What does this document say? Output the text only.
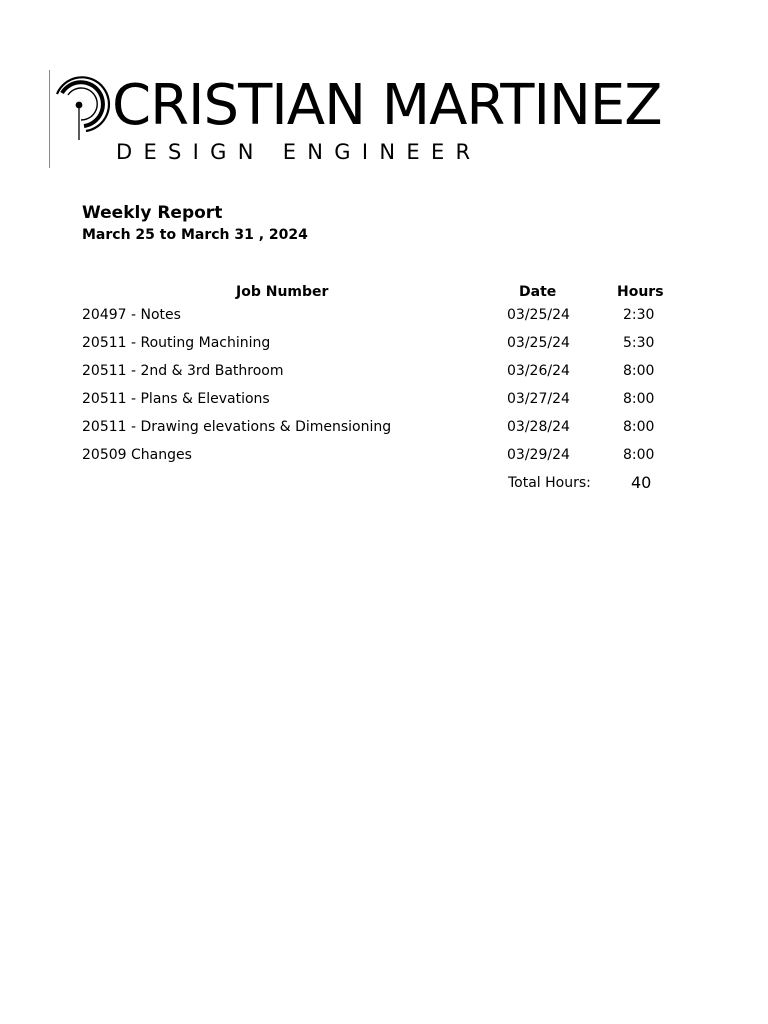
CRISTIAN MARTINEZ
DESIGN ENGINEER
Weekly Report
March 25 to March 31 , 2024
Job Number	Date	Hours
20497 - Notes	03/25/24	2:30
20511 - Routing Machining	03/25/24	5:30
20511 - 2nd & 3rd Bathroom	03/26/24	8:00
20511 - Plans & Elevations	03/27/24	8:00
20511 - Drawing elevations & Dimensioning	03/28/24	8:00
20509 Changes	03/29/24	8:00
Total Hours:	40
